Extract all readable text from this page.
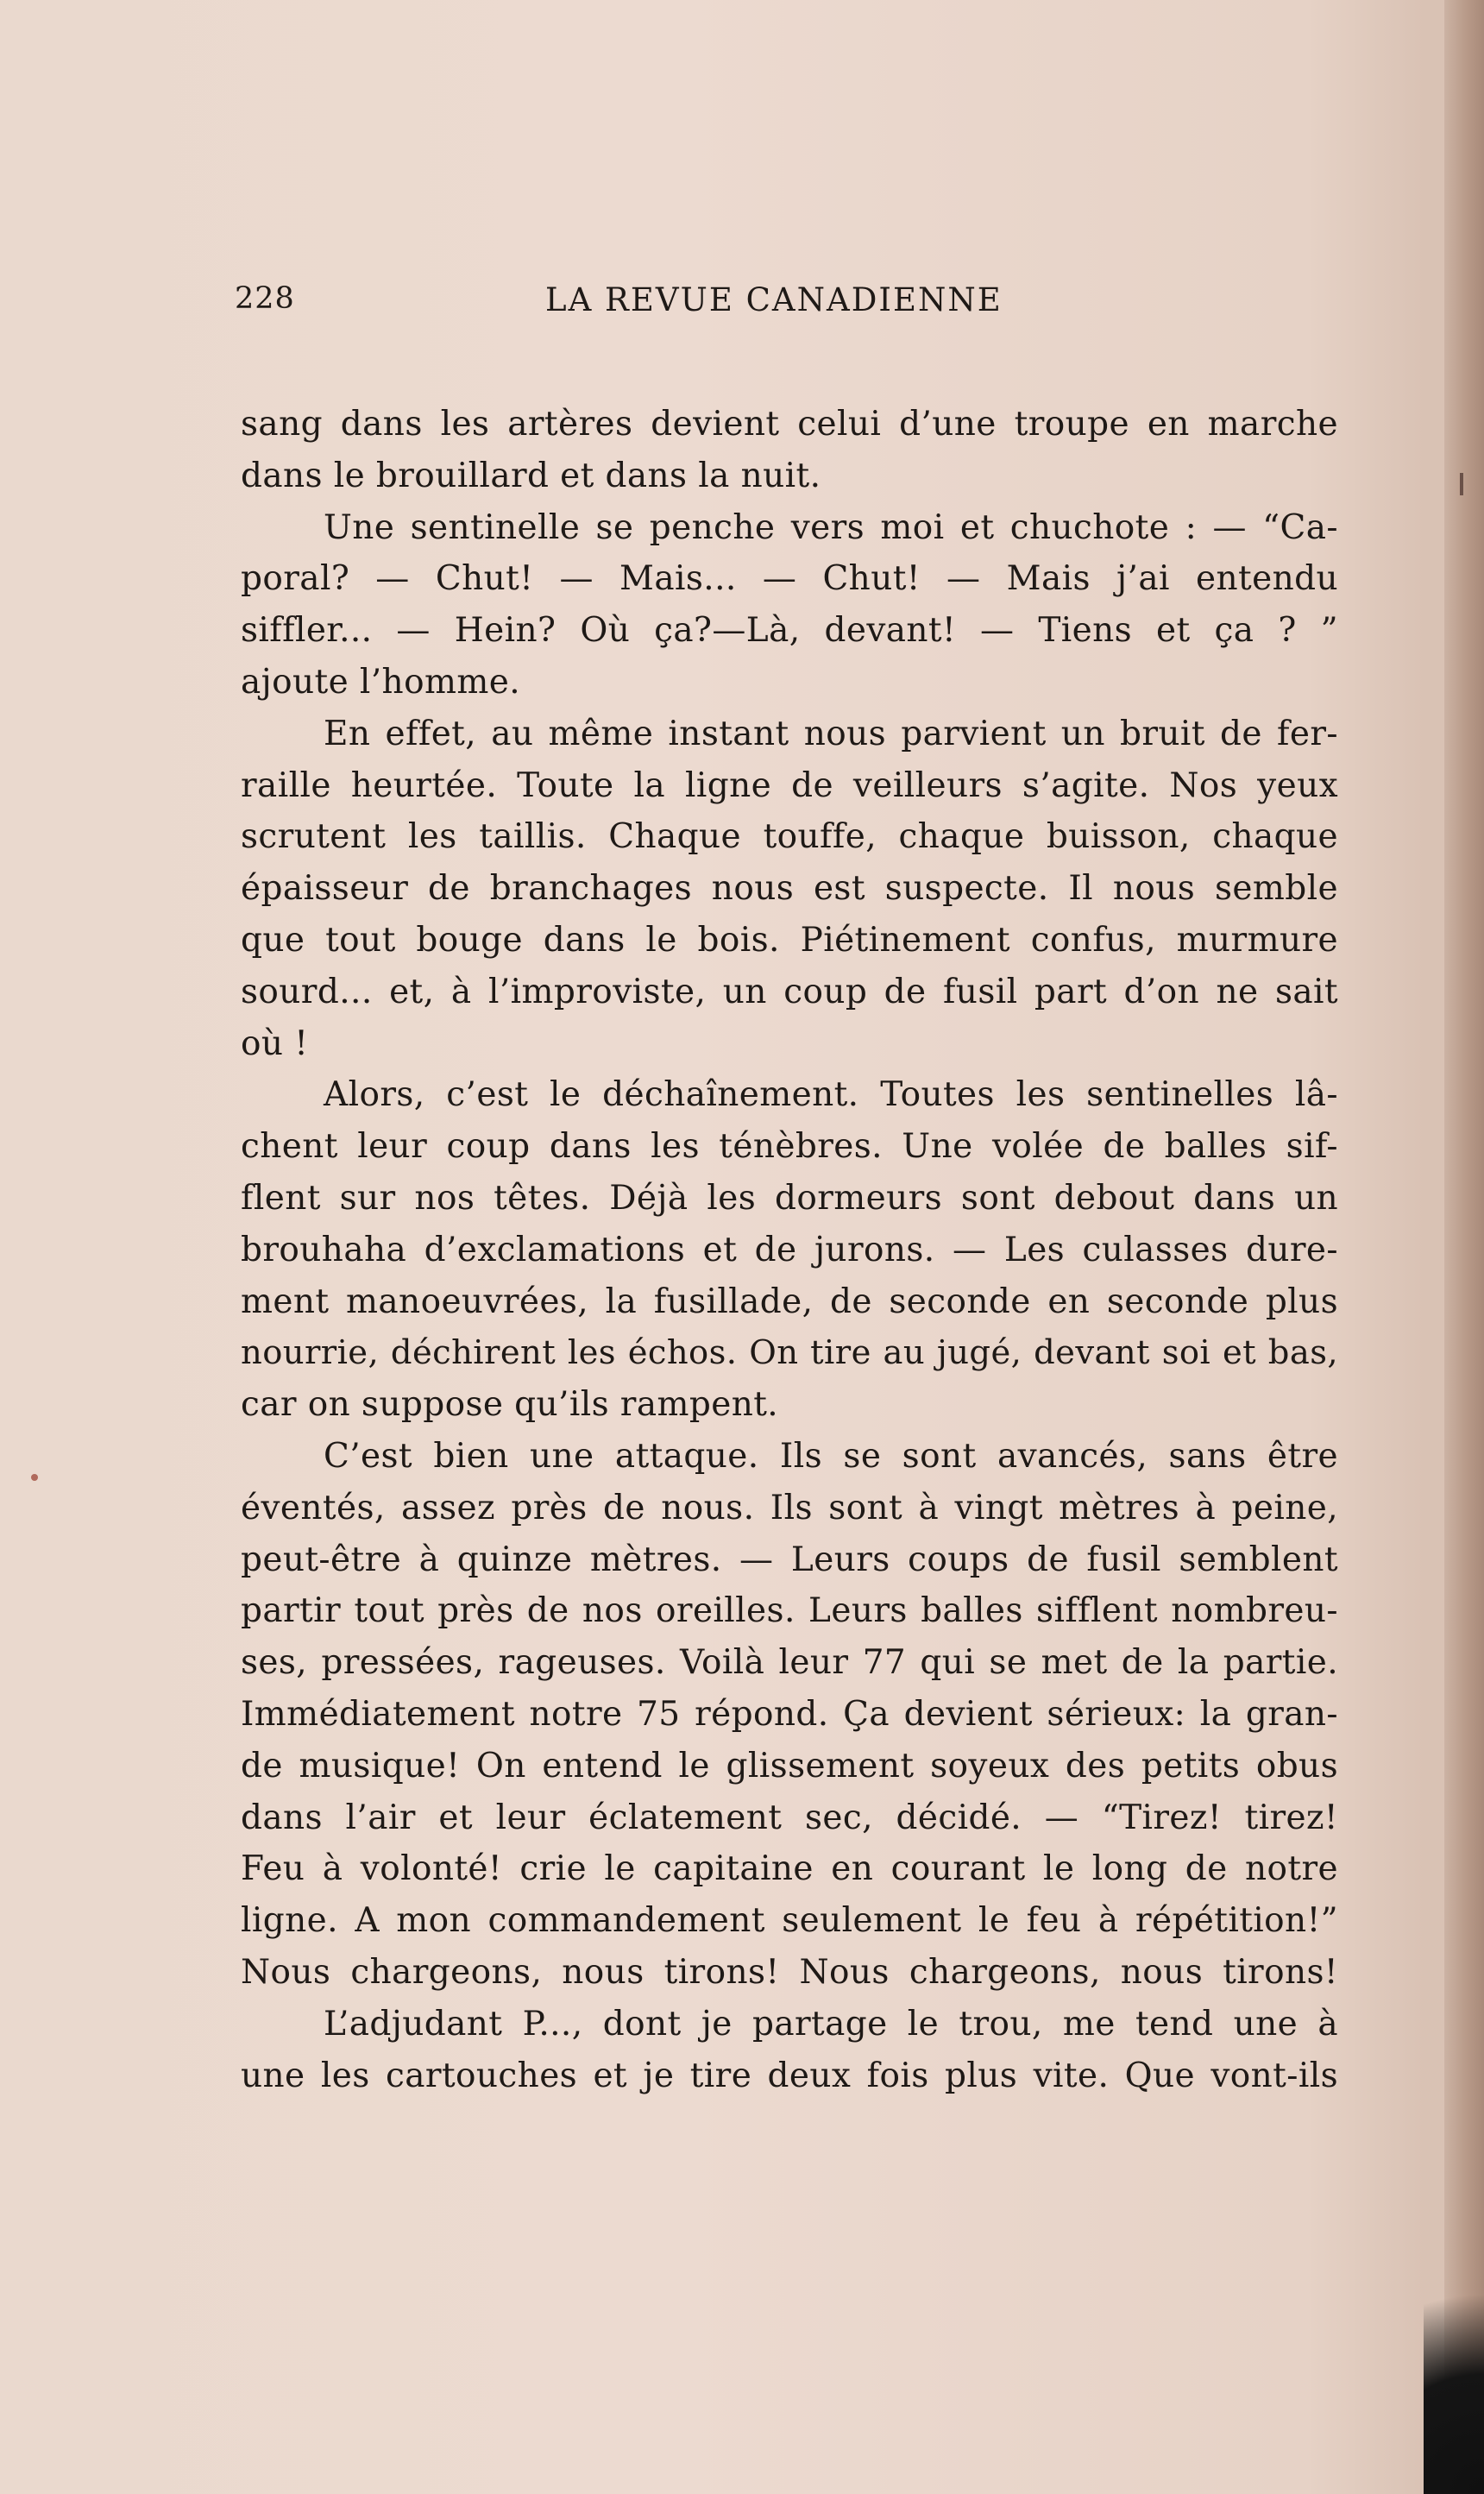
228	LA REVUE CANADIENNE
sang dans les artères devient celui d’une troupe en marche
dans le brouillard et dans la nuit.
Une sentinelle se penche vers moi et chuchote : — “Ca-
poral? — Chut! — Mais... — Chut! — Mais j’ai entendu
siffler... — Hein? Où ça?—Là, devant! — Tiens et ça ? ”
ajoute l’homme.
En effet, au même instant nous parvient un bruit de fer-
raille heurtée. Toute la ligne de veilleurs s’agite. Nos yeux
scrutent les taillis. Chaque touffe, chaque buisson, chaque
épaisseur de branchages nous est suspecte. Il nous semble
que tout bouge dans le bois. Piétinement confus, murmure
sourd... et, à l’improviste, un coup de fusil part d’on ne sait
où !
Alors, c’est le déchaînement. Toutes les sentinelles lâ-
chent leur coup dans les ténèbres. Une volée de balles sif-
flent sur nos têtes. Déjà les dormeurs sont debout dans un
brouhaha d’exclamations et de jurons. — Les culasses dure-
ment manoeuvrées, la fusillade, de seconde en seconde plus
nourrie, déchirent les échos. On tire au jugé, devant soi et bas,
car on suppose qu’ils rampent.
C’est bien une attaque. Ils se sont avancés, sans être
éventés, assez près de nous. Ils sont à vingt mètres à peine,
peut-être à quinze mètres. — Leurs coups de fusil semblent
partir tout près de nos oreilles. Leurs balles sifflent nombreu-
ses, pressées, rageuses. Voilà leur 77 qui se met de la partie.
Immédiatement notre 75 répond. Ça devient sérieux: la gran-
de musique! On entend le glissement soyeux des petits obus
dans l’air et leur éclatement sec, décidé. — “Tirez! tirez!
Feu à volonté! crie le capitaine en courant le long de notre
ligne. A mon commandement seulement le feu à répétition!”
Nous chargeons, nous tirons! Nous chargeons, nous tirons!
L’adjudant P..., dont je partage le trou, me tend une à
une les cartouches et je tire deux fois plus vite. Que vont-ils
